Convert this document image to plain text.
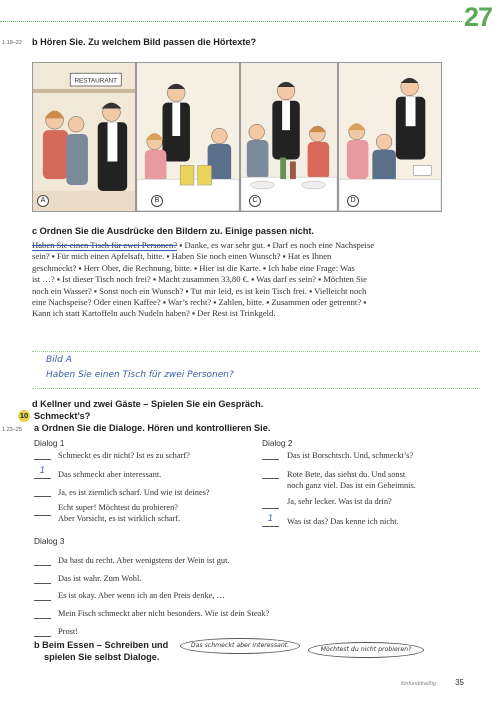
27
1.19–22 b Hören Sie. Zu welchem Bild passen die Hörtexte?
RESTAURANT
A	B	C	D
c Ordnen Sie die Ausdrücke den Bildern zu. Einige passen nicht.
Haben Sie einen Tisch für zwei Personen? ▪ Danke, es war sehr gut. ▪ Darf es noch eine Nachspeise
sein? ▪ Für mich einen Apfelsaft, bitte. ▪ Haben Sie noch einen Wunsch? ▪ Hat es Ihnen
geschmeckt? ▪ Herr Ober, die Rechnung, bitte. ▪ Hier ist die Karte. ▪ Ich habe eine Frage: Was
ist …? ▪ Ist dieser Tisch noch frei? ▪ Macht zusammen 33,80 €. ▪ Was darf es sein? ▪ Möchten Sie
noch ein Wasser? ▪ Sonst noch ein Wunsch? ▪ Tut mir leid, es ist kein Tisch frei. ▪ Vielleicht noch
eine Nachspeise? Oder einen Kaffee? ▪ War’s recht? ▪ Zahlen, bitte. ▪ Zusammen oder getrennt? ▪
Kann ich statt Kartoffeln auch Nudeln haben? ▪ Der Rest ist Trinkgeld.
Bild A
Haben Sie einen Tisch für zwei Personen?
d Kellner und zwei Gäste – Spielen Sie ein Gespräch.
10 Schmeckt’s?
1.23–25 a Ordnen Sie die Dialoge. Hören und kontrollieren Sie.
Dialog 1
Schmeckt es dir nicht? Ist es zu scharf?
1	Das schmeckt aber interessant.
Ja, es ist ziemlich scharf. Und wie ist deines?
Echt super! Möchtest du probieren?
Aber Vorsicht, es ist wirklich scharf.
Dialog 2
Das ist Borschtsch. Und, schmeckt’s?
Rote Bete, das siehst du. Und sonst
noch ganz viel. Das ist ein Geheimnis.
Ja, sehr lecker. Was ist da drin?
1	Was ist das? Das kenne ich nicht.
Dialog 3
Da hast du recht. Aber wenigstens der Wein ist gut.
Das ist wahr. Zum Wohl.
Es ist okay. Aber wenn ich an den Preis denke, …
Mein Fisch schmeckt aber nicht besonders. Wie ist dein Steak?
Prost!
b Beim Essen – Schreiben und
spielen Sie selbst Dialoge.
Das schmeckt aber interessant.
Möchtest du nicht probieren?
fünfunddreißig 35
